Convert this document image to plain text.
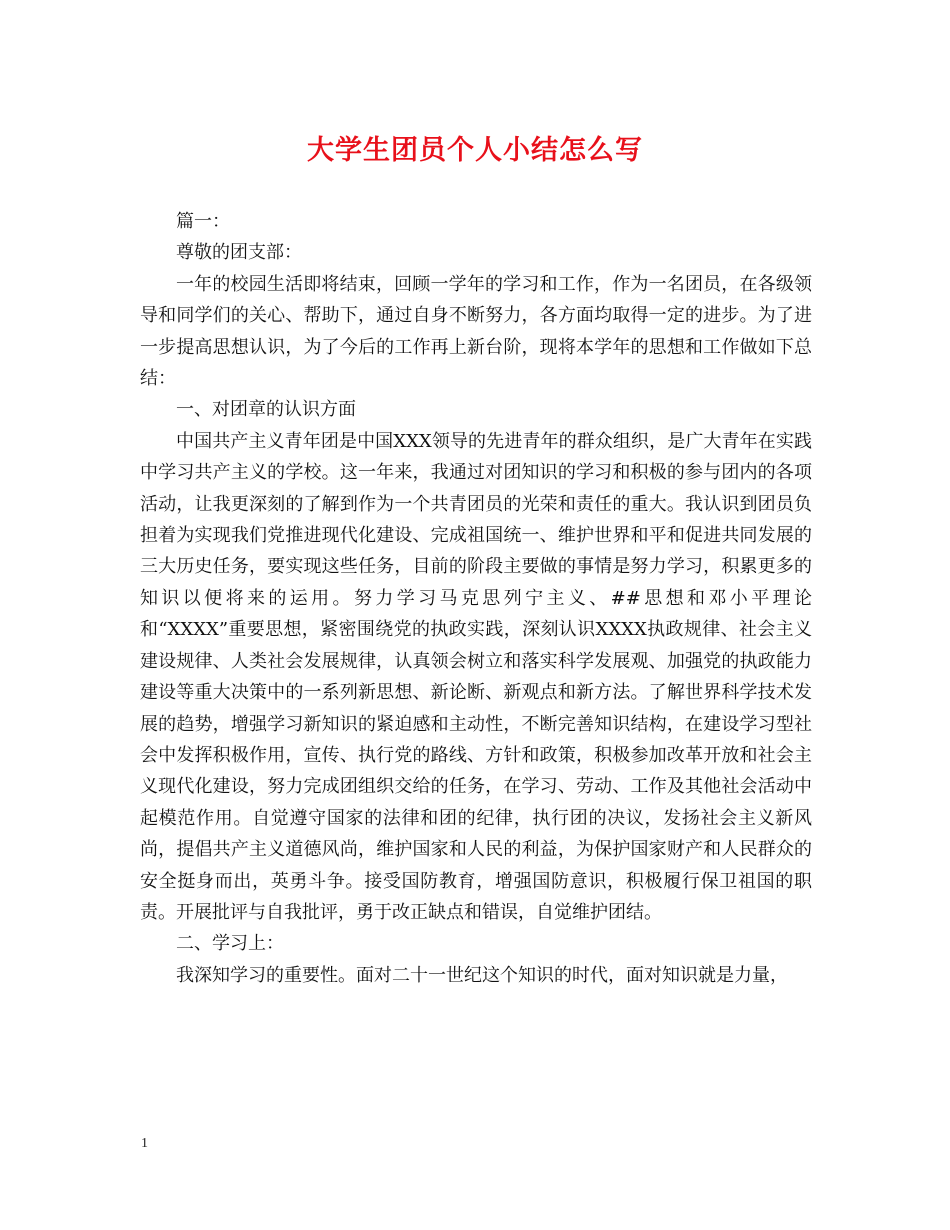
大学生团员个人小结怎么写

篇一：

尊敬的团支部：

一年的校园生活即将结束，回顾一学年的学习和工作，作为一名团员，在各级领导和同学们的关心、帮助下，通过自身不断努力，各方面均取得一定的进步。为了进一步提高思想认识，为了今后的工作再上新台阶，现将本学年的思想和工作做如下总结：

一、对团章的认识方面

中国共产主义青年团是中国XXX领导的先进青年的群众组织，是广大青年在实践中学习共产主义的学校。这一年来，我通过对团知识的学习和积极的参与团内的各项活动，让我更深刻的了解到作为一个共青团员的光荣和责任的重大。我认识到团员负担着为实现我们党推进现代化建设、完成祖国统一、维护世界和平和促进共同发展的三大历史任务，要实现这些任务，目前的阶段主要做的事情是努力学习，积累更多的知识以便将来的运用。努力学习马克思列宁主义、##思想和邓小平理论和“XXXX”重要思想，紧密围绕党的执政实践，深刻认识XXXX执政规律、社会主义建设规律、人类社会发展规律，认真领会树立和落实科学发展观、加强党的执政能力建设等重大决策中的一系列新思想、新论断、新观点和新方法。了解世界科学技术发展的趋势，增强学习新知识的紧迫感和主动性，不断完善知识结构，在建设学习型社会中发挥积极作用，宣传、执行党的路线、方针和政策，积极参加改革开放和社会主义现代化建设，努力完成团组织交给的任务，在学习、劳动、工作及其他社会活动中起模范作用。自觉遵守国家的法律和团的纪律，执行团的决议，发扬社会主义新风尚，提倡共产主义道德风尚，维护国家和人民的利益，为保护国家财产和人民群众的安全挺身而出，英勇斗争。接受国防教育，增强国防意识，积极履行保卫祖国的职责。开展批评与自我批评，勇于改正缺点和错误，自觉维护团结。

二、学习上：

我深知学习的重要性。面对二十一世纪这个知识的时代，面对知识就是力量，

1
